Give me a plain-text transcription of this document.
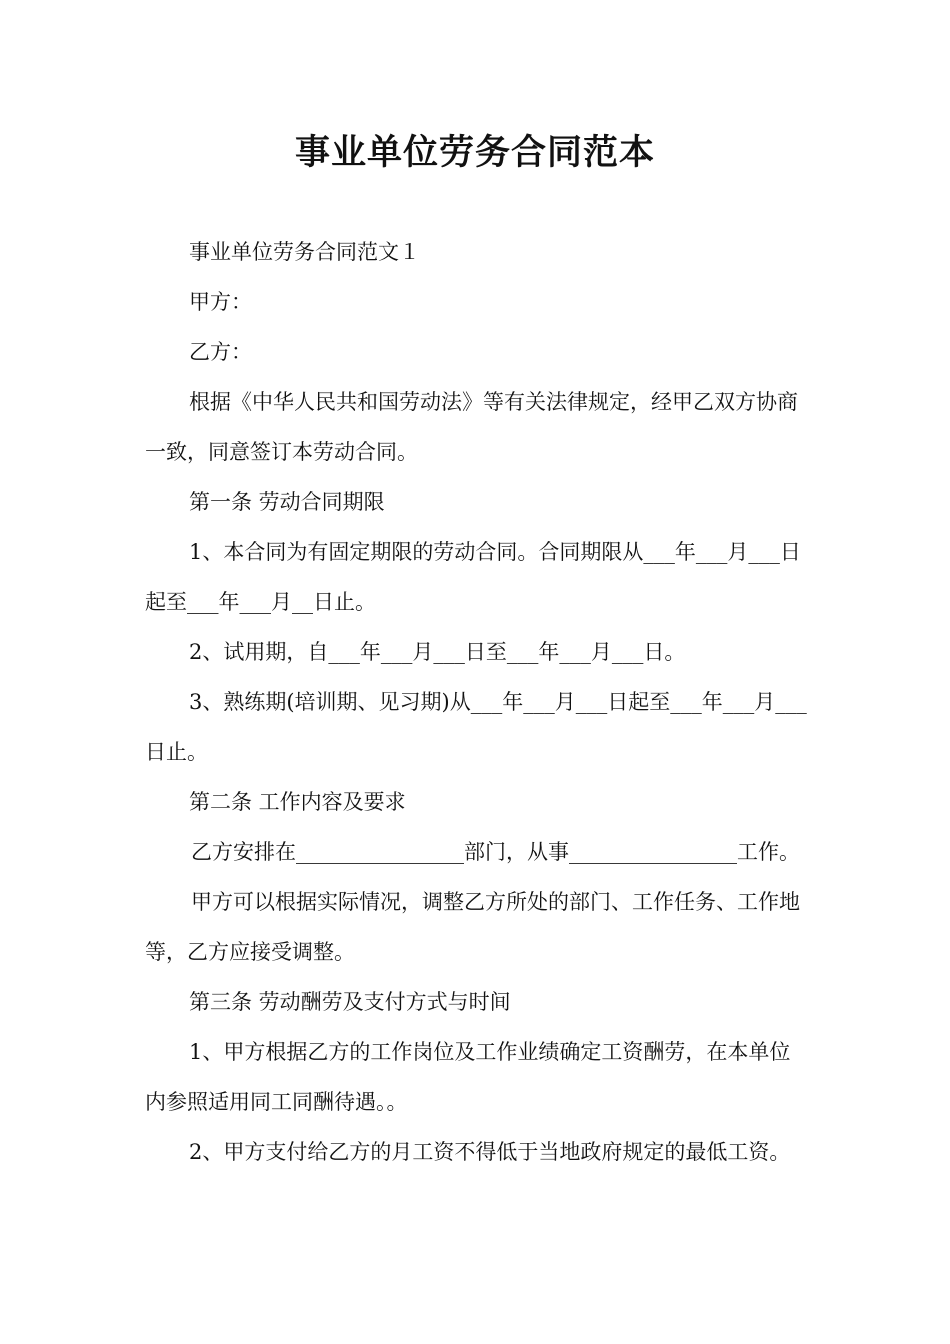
事业单位劳务合同范本

事业单位劳务合同范文１

甲方：

乙方：

根据《中华人民共和国劳动法》等有关法律规定，经甲乙双方协商一致，同意签订本劳动合同。

第一条 劳动合同期限

1、本合同为有固定期限的劳动合同。合同期限从___年___月___日起至___年___月__日止。

2、试用期，自___年___月___日至___年___月___日。

3、熟练期(培训期、见习期)从___年___月___日起至___年___月___日止。

第二条 工作内容及要求

乙方安排在________________部门，从事________________工作。

甲方可以根据实际情况，调整乙方所处的部门、工作任务、工作地等，乙方应接受调整。

第三条 劳动酬劳及支付方式与时间

1、甲方根据乙方的工作岗位及工作业绩确定工资酬劳，在本单位内参照适用同工同酬待遇。。

2、甲方支付给乙方的月工资不得低于当地政府规定的最低工资。
